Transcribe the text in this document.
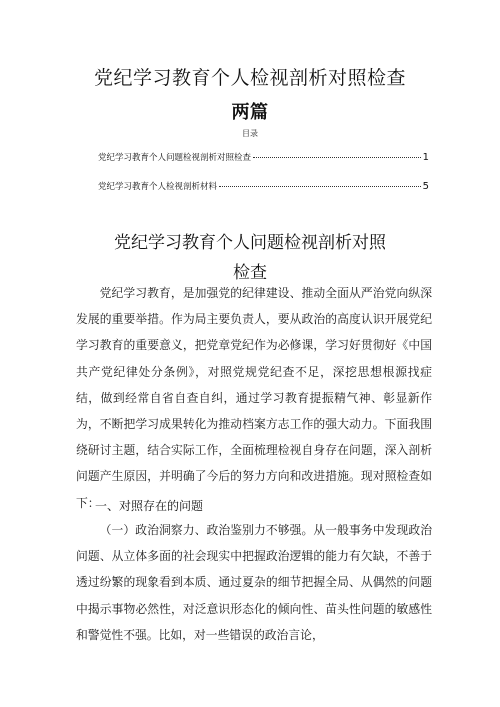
党纪学习教育个人检视剖析对照检查
两篇
目录
党纪学习教育个人问题检视剖析对照检查	1
党纪学习教育个人检视剖析材料	5
党纪学习教育个人问题检视剖析对照
检查
党纪学习教育，是加强党的纪律建设、推动全面从严治党向纵深发展的重要举措。作为局主要负责人，要从政治的高度认识开展党纪学习教育的重要意义，把党章党纪作为必修课，学习好贯彻好《中国共产党纪律处分条例》，对照党规党纪查不足，深挖思想根源找症结，做到经常自省自查自纠，通过学习教育提振精气神、彰显新作为，不断把学习成果转化为推动档案方志工作的强大动力。下面我围绕研讨主题，结合实际工作，全面梳理检视自身存在问题，深入剖析问题产生原因，并明确了今后的努力方向和改进措施。现对照检查如下：
一、对照存在的问题
（一）政治洞察力、政治鉴别力不够强。从一般事务中发现政治问题、从立体多面的社会现实中把握政治逻辑的能力有欠缺，不善于透过纷繁的现象看到本质、通过夏杂的细节把握全局、从偶然的问题中揭示事物必然性，对泛意识形态化的倾向性、苗头性问题的敏感性和警觉性不强。比如，对一些错误的政治言论，
